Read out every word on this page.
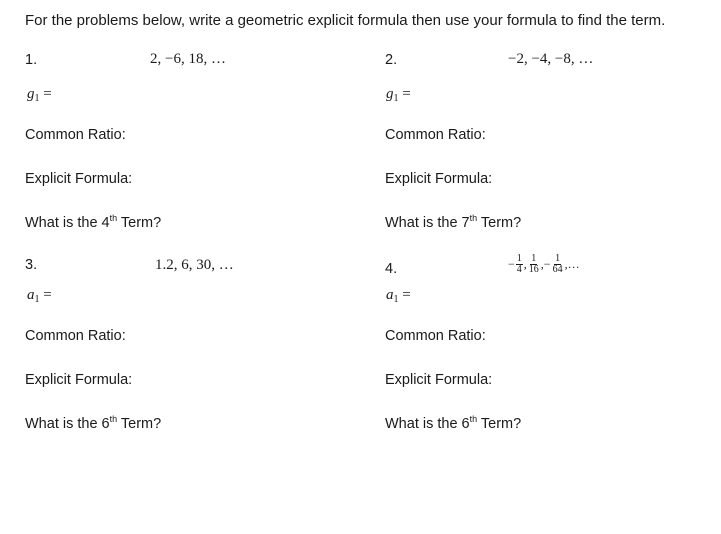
For the problems below, write a geometric explicit formula then use your formula to find the term.
1.	2, −6, 18, …
$g_1$ =
Common Ratio:
Explicit Formula:
What is the 4th Term?
2.	−2, −4, −8, …
$g_1$ =
Common Ratio:
Explicit Formula:
What is the 7th Term?
3.	1.2, 6, 30, …
$a_1$ =
Common Ratio:
Explicit Formula:
What is the 6th Term?
4.	− $\frac{1}{4}$ , $\frac{1}{16}$ , − $\frac{1}{64}$ , …
$a_1$ =
Common Ratio:
Explicit Formula:
What is the 6th Term?
